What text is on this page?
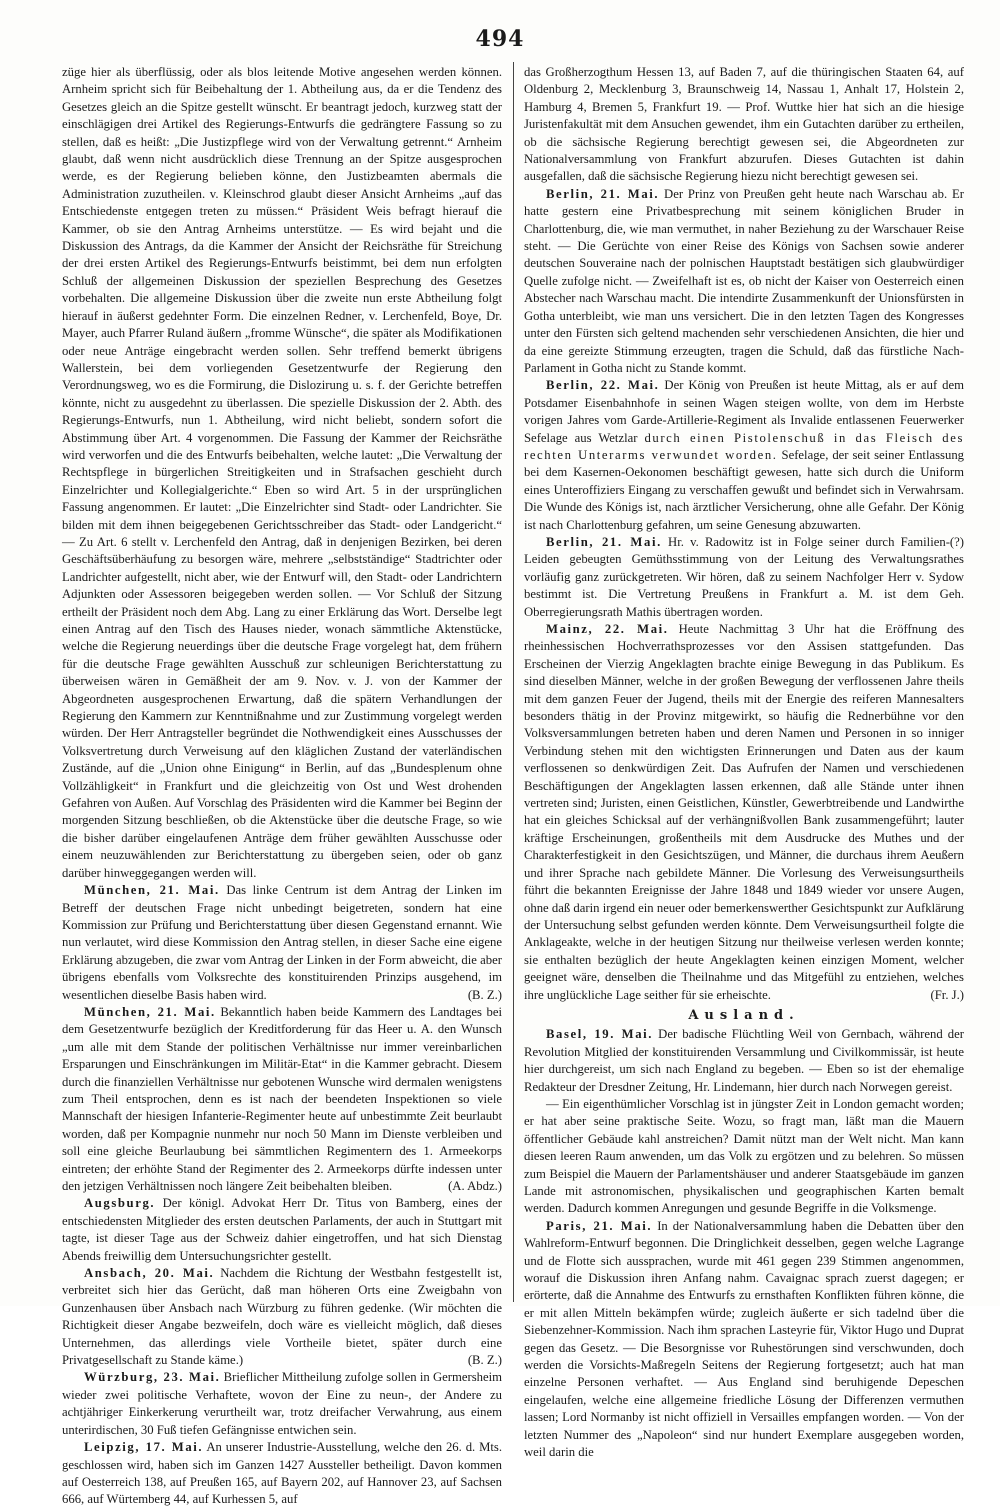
494

züge hier als überflüssig, oder als blos leitende Motive angesehen werden können. Arnheim spricht sich für Beibehaltung der 1. Abtheilung aus, da er die Tendenz des Gesetzes gleich an die Spitze gestellt wünscht. Er beantragt jedoch, kurzweg statt der einschlägigen drei Artikel des Regierungs-Entwurfs die gedrängtere Fassung so zu stellen, daß es heißt: „Die Justizpflege wird von der Verwaltung getrennt.“ Arnheim glaubt, daß wenn nicht ausdrücklich diese Trennung an der Spitze ausgesprochen werde, es der Regierung belieben könne, den Justizbeamten abermals die Administration zuzutheilen. v. Kleinschrod glaubt dieser Ansicht Arnheims „auf das Entschiedenste entgegen treten zu müssen.“ Präsident Weis befragt hierauf die Kammer, ob sie den Antrag Arnheims unterstütze. — Es wird bejaht und die Diskussion des Antrags, da die Kammer der Ansicht der Reichsräthe für Streichung der drei ersten Artikel des Regierungs-Entwurfs beistimmt, bei dem nun erfolgten Schluß der allgemeinen Diskussion der speziellen Besprechung des Gesetzes vorbehalten. Die allgemeine Diskussion über die zweite nun erste Abtheilung folgt hierauf in äußerst gedehnter Form. Die einzelnen Redner, v. Lerchenfeld, Boye, Dr. Mayer, auch Pfarrer Ruland äußern „fromme Wünsche“, die später als Modifikationen oder neue Anträge eingebracht werden sollen. Sehr treffend bemerkt übrigens Wallerstein, bei dem vorliegenden Gesetzentwurfe der Regierung den Verordnungsweg, wo es die Formirung, die Dislozirung u. s. f. der Gerichte betreffen könnte, nicht zu ausgedehnt zu überlassen. Die spezielle Diskussion der 2. Abth. des Regierungs-Entwurfs, nun 1. Abtheilung, wird nicht beliebt, sondern sofort die Abstimmung über Art. 4 vorgenommen. Die Fassung der Kammer der Reichsräthe wird verworfen und die des Entwurfs beibehalten, welche lautet: „Die Verwaltung der Rechtspflege in bürgerlichen Streitigkeiten und in Strafsachen geschieht durch Einzelrichter und Kollegialgerichte.“ Eben so wird Art. 5 in der ursprünglichen Fassung angenommen. Er lautet: „Die Einzelrichter sind Stadt- oder Landrichter. Sie bilden mit dem ihnen beigegebenen Gerichtsschreiber das Stadt- oder Landgericht.“ — Zu Art. 6 stellt v. Lerchenfeld den Antrag, daß in denjenigen Bezirken, bei deren Geschäftsüberhäufung zu besorgen wäre, mehrere „selbstständige“ Stadtrichter oder Landrichter aufgestellt, nicht aber, wie der Entwurf will, den Stadt- oder Landrichtern Adjunkten oder Assessoren beigegeben werden sollen. — Vor Schluß der Sitzung ertheilt der Präsident noch dem Abg. Lang zu einer Erklärung das Wort. Derselbe legt einen Antrag auf den Tisch des Hauses nieder, wonach sämmtliche Aktenstücke, welche die Regierung neuerdings über die deutsche Frage vorgelegt hat, dem frühern für die deutsche Frage gewählten Ausschuß zur schleunigen Berichterstattung zu überweisen wären in Gemäßheit der am 9. Nov. v. J. von der Kammer der Abgeordneten ausgesprochenen Erwartung, daß die spätern Verhandlungen der Regierung den Kammern zur Kenntnißnahme und zur Zustimmung vorgelegt werden würden. Der Herr Antragsteller begründet die Nothwendigkeit eines Ausschusses der Volksvertretung durch Verweisung auf den kläglichen Zustand der vaterländischen Zustände, auf die „Union ohne Einigung“ in Berlin, auf das „Bundesplenum ohne Vollzähligkeit“ in Frankfurt und die gleichzeitig von Ost und West drohenden Gefahren von Außen. Auf Vorschlag des Präsidenten wird die Kammer bei Beginn der morgenden Sitzung beschließen, ob die Aktenstücke über die deutsche Frage, so wie die bisher darüber eingelaufenen Anträge dem früher gewählten Ausschusse oder einem neuzuwählenden zur Berichterstattung zu übergeben seien, oder ob ganz darüber hinweggegangen werden will.

München, 21. Mai. Das linke Centrum ist dem Antrag der Linken im Betreff der deutschen Frage nicht unbedingt beigetreten, sondern hat eine Kommission zur Prüfung und Berichterstattung über diesen Gegenstand ernannt. Wie nun verlautet, wird diese Kommission den Antrag stellen, in dieser Sache eine eigene Erklärung abzugeben, die zwar vom Antrag der Linken in der Form abweicht, die aber übrigens ebenfalls vom Volksrechte des konstituirenden Prinzips ausgehend, im wesentlichen dieselbe Basis haben wird.	(B. Z.)

München, 21. Mai. Bekanntlich haben beide Kammern des Landtages bei dem Gesetzentwurfe bezüglich der Kreditforderung für das Heer u. A. den Wunsch „um alle mit dem Stande der politischen Verhältnisse nur immer vereinbarlichen Ersparungen und Einschränkungen im Militär-Etat“ in die Kammer gebracht. Diesem durch die finanziellen Verhältnisse nur gebotenen Wunsche wird dermalen wenigstens zum Theil entsprochen, denn es ist nach der beendeten Inspektionen so viele Mannschaft der hiesigen Infanterie-Regimenter heute auf unbestimmte Zeit beurlaubt worden, daß per Kompagnie nunmehr nur noch 50 Mann im Dienste verbleiben und soll eine gleiche Beurlaubung bei sämmtlichen Regimentern des 1. Armeekorps eintreten; der erhöhte Stand der Regimenter des 2. Armeekorps dürfte indessen unter den jetzigen Verhältnissen noch längere Zeit beibehalten bleiben.	(A. Abdz.)

Augsburg. Der königl. Advokat Herr Dr. Titus von Bamberg, eines der entschiedensten Mitglieder des ersten deutschen Parlaments, der auch in Stuttgart mit tagte, ist dieser Tage aus der Schweiz dahier eingetroffen, und hat sich Dienstag Abends freiwillig dem Untersuchungsrichter gestellt.

Ansbach, 20. Mai. Nachdem die Richtung der Westbahn festgestellt ist, verbreitet sich hier das Gerücht, daß man höheren Orts eine Zweigbahn von Gunzenhausen über Ansbach nach Würzburg zu führen gedenke. (Wir möchten die Richtigkeit dieser Angabe bezweifeln, doch wäre es vielleicht möglich, daß dieses Unternehmen, das allerdings viele Vortheile bietet, später durch eine Privatgesellschaft zu Stande käme.)	(B. Z.)

Würzburg, 23. Mai. Brieflicher Mittheilung zufolge sollen in Germersheim wieder zwei politische Verhaftete, wovon der Eine zu neun-, der Andere zu achtjähriger Einkerkerung verurtheilt war, trotz dreifacher Verwahrung, aus einem unterirdischen, 30 Fuß tiefen Gefängnisse entwichen sein.

Leipzig, 17. Mai. An unserer Industrie-Ausstellung, welche den 26. d. Mts. geschlossen wird, haben sich im Ganzen 1427 Aussteller betheiligt. Davon kommen auf Oesterreich 138, auf Preußen 165, auf Bayern 202, auf Hannover 23, auf Sachsen 666, auf Würtemberg 44, auf Kurhessen 5, auf

das Großherzogthum Hessen 13, auf Baden 7, auf die thüringischen Staaten 64, auf Oldenburg 2, Mecklenburg 3, Braunschweig 14, Nassau 1, Anhalt 17, Holstein 2, Hamburg 4, Bremen 5, Frankfurt 19. — Prof. Wuttke hier hat sich an die hiesige Juristenfakultät mit dem Ansuchen gewendet, ihm ein Gutachten darüber zu ertheilen, ob die sächsische Regierung berechtigt gewesen sei, die Abgeordneten zur Nationalversammlung von Frankfurt abzurufen. Dieses Gutachten ist dahin ausgefallen, daß die sächsische Regierung hiezu nicht berechtigt gewesen sei.

Berlin, 21. Mai. Der Prinz von Preußen geht heute nach Warschau ab. Er hatte gestern eine Privatbesprechung mit seinem königlichen Bruder in Charlottenburg, die, wie man vermuthet, in naher Beziehung zu der Warschauer Reise steht. — Die Gerüchte von einer Reise des Königs von Sachsen sowie anderer deutschen Souveraine nach der polnischen Hauptstadt bestätigen sich glaubwürdiger Quelle zufolge nicht. — Zweifelhaft ist es, ob nicht der Kaiser von Oesterreich einen Abstecher nach Warschau macht. Die intendirte Zusammenkunft der Unionsfürsten in Gotha unterbleibt, wie man uns versichert. Die in den letzten Tagen des Kongresses unter den Fürsten sich geltend machenden sehr verschiedenen Ansichten, die hier und da eine gereizte Stimmung erzeugten, tragen die Schuld, daß das fürstliche Nach-Parlament in Gotha nicht zu Stande kommt.

Berlin, 22. Mai. Der König von Preußen ist heute Mittag, als er auf dem Potsdamer Eisenbahnhofe in seinen Wagen steigen wollte, von dem im Herbste vorigen Jahres vom Garde-Artillerie-Regiment als Invalide entlassenen Feuerwerker Sefelage aus Wetzlar durch einen Pistolenschuß in das Fleisch des rechten Unterarms verwundet worden. Sefelage, der seit seiner Entlassung bei dem Kasernen-Oekonomen beschäftigt gewesen, hatte sich durch die Uniform eines Unteroffiziers Eingang zu verschaffen gewußt und befindet sich in Verwahrsam. Die Wunde des Königs ist, nach ärztlicher Versicherung, ohne alle Gefahr. Der König ist nach Charlottenburg gefahren, um seine Genesung abzuwarten.

Berlin, 21. Mai. Hr. v. Radowitz ist in Folge seiner durch Familien-(?) Leiden gebeugten Gemüthsstimmung von der Leitung des Verwaltungsrathes vorläufig ganz zurückgetreten. Wir hören, daß zu seinem Nachfolger Herr v. Sydow bestimmt ist. Die Vertretung Preußens in Frankfurt a. M. ist dem Geh. Oberregierungsrath Mathis übertragen worden.

Mainz, 22. Mai. Heute Nachmittag 3 Uhr hat die Eröffnung des rheinhessischen Hochverrathsprozesses vor den Assisen stattgefunden. Das Erscheinen der Vierzig Angeklagten brachte einige Bewegung in das Publikum. Es sind dieselben Männer, welche in der großen Bewegung der verflossenen Jahre theils mit dem ganzen Feuer der Jugend, theils mit der Energie des reiferen Mannesalters besonders thätig in der Provinz mitgewirkt, so häufig die Rednerbühne vor den Volksversammlungen betreten haben und deren Namen und Personen in so inniger Verbindung stehen mit den wichtigsten Erinnerungen und Daten aus der kaum verflossenen so denkwürdigen Zeit. Das Aufrufen der Namen und verschiedenen Beschäftigungen der Angeklagten lassen erkennen, daß alle Stände unter ihnen vertreten sind; Juristen, einen Geistlichen, Künstler, Gewerbtreibende und Landwirthe hat ein gleiches Schicksal auf der verhängnißvollen Bank zusammengeführt; lauter kräftige Erscheinungen, großentheils mit dem Ausdrucke des Muthes und der Charakterfestigkeit in den Gesichtszügen, und Männer, die durchaus ihrem Aeußern und ihrer Sprache nach gebildete Männer. Die Vorlesung des Verweisungsurtheils führt die bekannten Ereignisse der Jahre 1848 und 1849 wieder vor unsere Augen, ohne daß darin irgend ein neuer oder bemerkenswerther Gesichtspunkt zur Aufklärung der Untersuchung selbst gefunden werden könnte. Dem Verweisungsurtheil folgte die Anklageakte, welche in der heutigen Sitzung nur theilweise verlesen werden konnte; sie enthalten bezüglich der heute Angeklagten keinen einzigen Moment, welcher geeignet wäre, denselben die Theilnahme und das Mitgefühl zu entziehen, welches ihre unglückliche Lage seither für sie erheischte.	(Fr. J.)

Ausland.

Basel, 19. Mai. Der badische Flüchtling Weil von Gernbach, während der Revolution Mitglied der konstituirenden Versammlung und Civilkommissär, ist heute hier durchgereist, um sich nach England zu begeben. — Eben so ist der ehemalige Redakteur der Dresdner Zeitung, Hr. Lindemann, hier durch nach Norwegen gereist.

— Ein eigenthümlicher Vorschlag ist in jüngster Zeit in London gemacht worden; er hat aber seine praktische Seite. Wozu, so fragt man, läßt man die Mauern öffentlicher Gebäude kahl anstreichen? Damit nützt man der Welt nicht. Man kann diesen leeren Raum anwenden, um das Volk zu ergötzen und zu belehren. So müssen zum Beispiel die Mauern der Parlamentshäuser und anderer Staatsgebäude im ganzen Lande mit astronomischen, physikalischen und geographischen Karten bemalt werden. Dadurch kommen Anregungen und gesunde Begriffe in die Volksmenge.

Paris, 21. Mai. In der Nationalversammlung haben die Debatten über den Wahlreform-Entwurf begonnen. Die Dringlichkeit desselben, gegen welche Lagrange und de Flotte sich aussprachen, wurde mit 461 gegen 239 Stimmen angenommen, worauf die Diskussion ihren Anfang nahm. Cavaignac sprach zuerst dagegen; er erörterte, daß die Annahme des Entwurfs zu ernsthaften Konflikten führen könne, die er mit allen Mitteln bekämpfen würde; zugleich äußerte er sich tadelnd über die Siebenzehner-Kommission. Nach ihm sprachen Lasteyrie für, Viktor Hugo und Duprat gegen das Gesetz. — Die Besorgnisse vor Ruhestörungen sind verschwunden, doch werden die Vorsichts-Maßregeln Seitens der Regierung fortgesetzt; auch hat man einzelne Personen verhaftet. — Aus England sind beruhigende Depeschen eingelaufen, welche eine allgemeine friedliche Lösung der Differenzen vermuthen lassen; Lord Normanby ist nicht offiziell in Versailles empfangen worden. — Von der letzten Nummer des „Napoleon“ sind nur hundert Exemplare ausgegeben worden, weil darin die
